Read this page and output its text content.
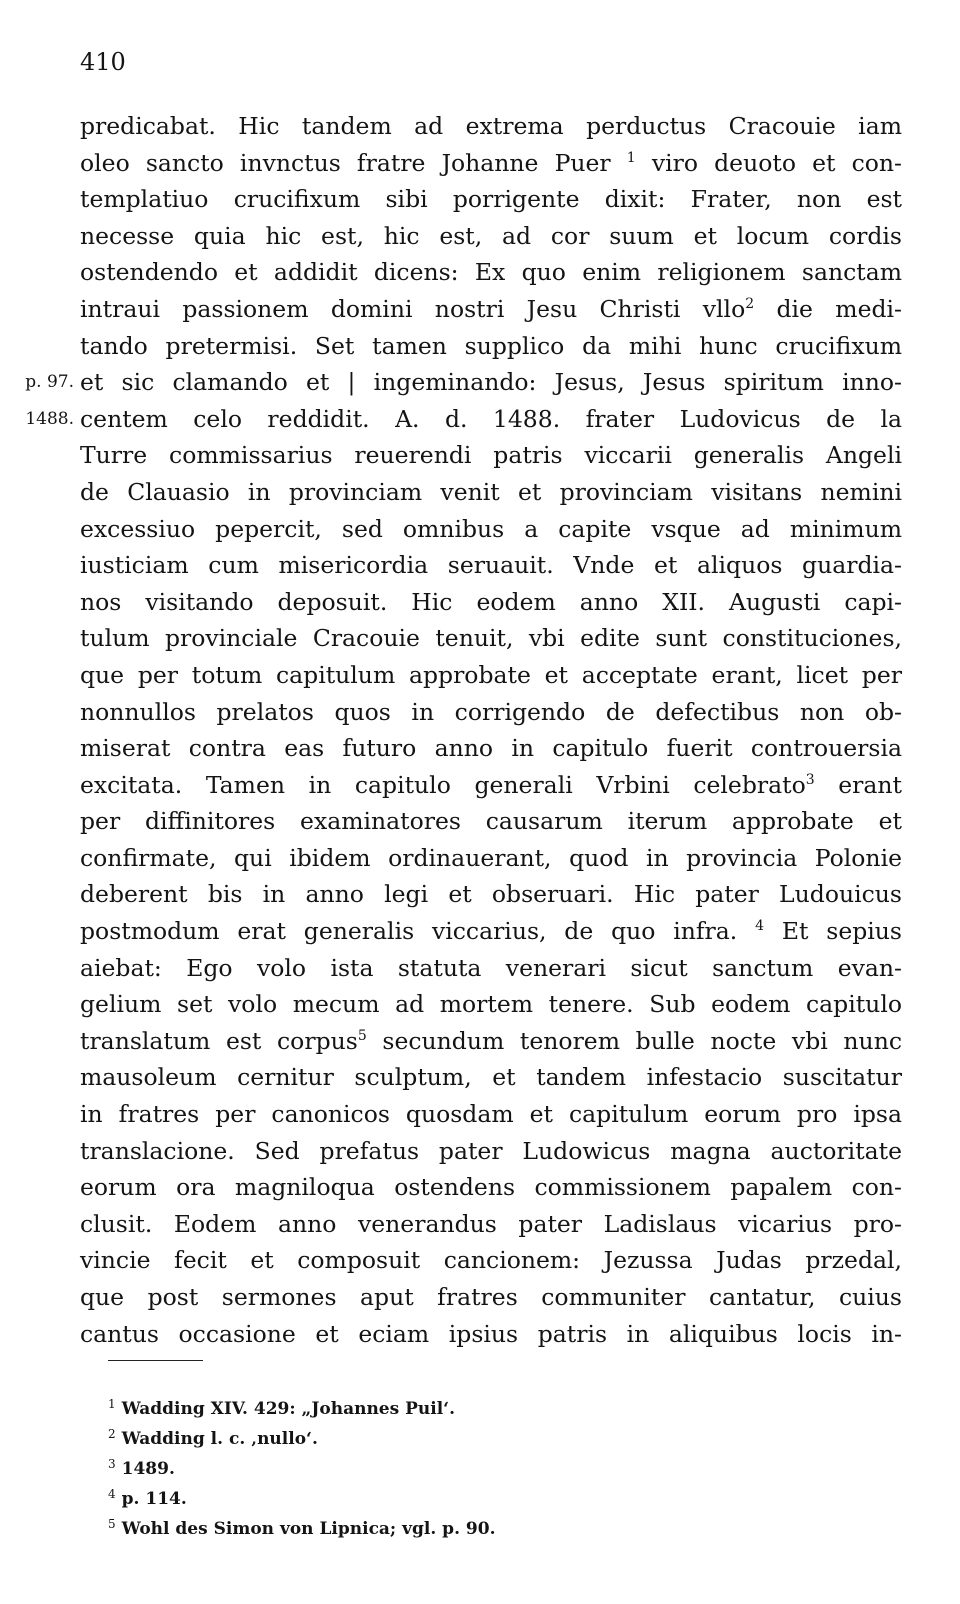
410
predicabat. Hic tandem ad extrema perductus Cracouie iam
oleo sancto invnctus fratre Johanne Puer $^1$ viro deuoto et con-
templatiuo crucifixum sibi porrigente dixit: Frater, non est
necesse quia hic est, hic est, ad cor suum et locum cordis
ostendendo et addidit dicens: Ex quo enim religionem sanctam
intraui passionem domini nostri Jesu Christi vllo$^2$ die medi-
tando pretermisi. Set tamen supplico da mihi hunc crucifixum
p. 97. et sic clamando et | ingeminando: Jesus, Jesus spiritum inno-
1488. centem celo reddidit. A. d. 1488. frater Ludovicus de la
Turre commissarius reuerendi patris viccarii generalis Angeli
de Clauasio in provinciam venit et provinciam visitans nemini
excessiuo pepercit, sed omnibus a capite vsque ad minimum
iusticiam cum misericordia seruauit. Vnde et aliquos guardia-
nos visitando deposuit. Hic eodem anno XII. Augusti capi-
tulum provinciale Cracouie tenuit, vbi edite sunt constituciones,
que per totum capitulum approbate et acceptate erant, licet per
nonnullos prelatos quos in corrigendo de defectibus non ob-
miserat contra eas futuro anno in capitulo fuerit controuersia
excitata. Tamen in capitulo generali Vrbini celebrato$^3$ erant
per diffinitores examinatores causarum iterum approbate et
confirmate, qui ibidem ordinauerant, quod in provincia Polonie
deberent bis in anno legi et obseruari. Hic pater Ludouicus
postmodum erat generalis viccarius, de quo infra. $^4$ Et sepius
aiebat: Ego volo ista statuta venerari sicut sanctum evan-
gelium set volo mecum ad mortem tenere. Sub eodem capitulo
translatum est corpus$^5$ secundum tenorem bulle nocte vbi nunc
mausoleum cernitur sculptum, et tandem infestacio suscitatur
in fratres per canonicos quosdam et capitulum eorum pro ipsa
translacione. Sed prefatus pater Ludowicus magna auctoritate
eorum ora magniloqua ostendens commissionem papalem con-
clusit. Eodem anno venerandus pater Ladislaus vicarius pro-
vincie fecit et composuit cancionem: Jezussa Judas przedal,
que post sermones aput fratres communiter cantatur, cuius
cantus occasione et eciam ipsius patris in aliquibus locis in-
$^1$ Wadding XIV. 429: „Johannes Puil‘.
$^2$ Wadding l. c. ‚nullo‘.
$^3$ 1489.
$^4$ p. 114.
$^5$ Wohl des Simon von Lipnica; vgl. p. 90.
